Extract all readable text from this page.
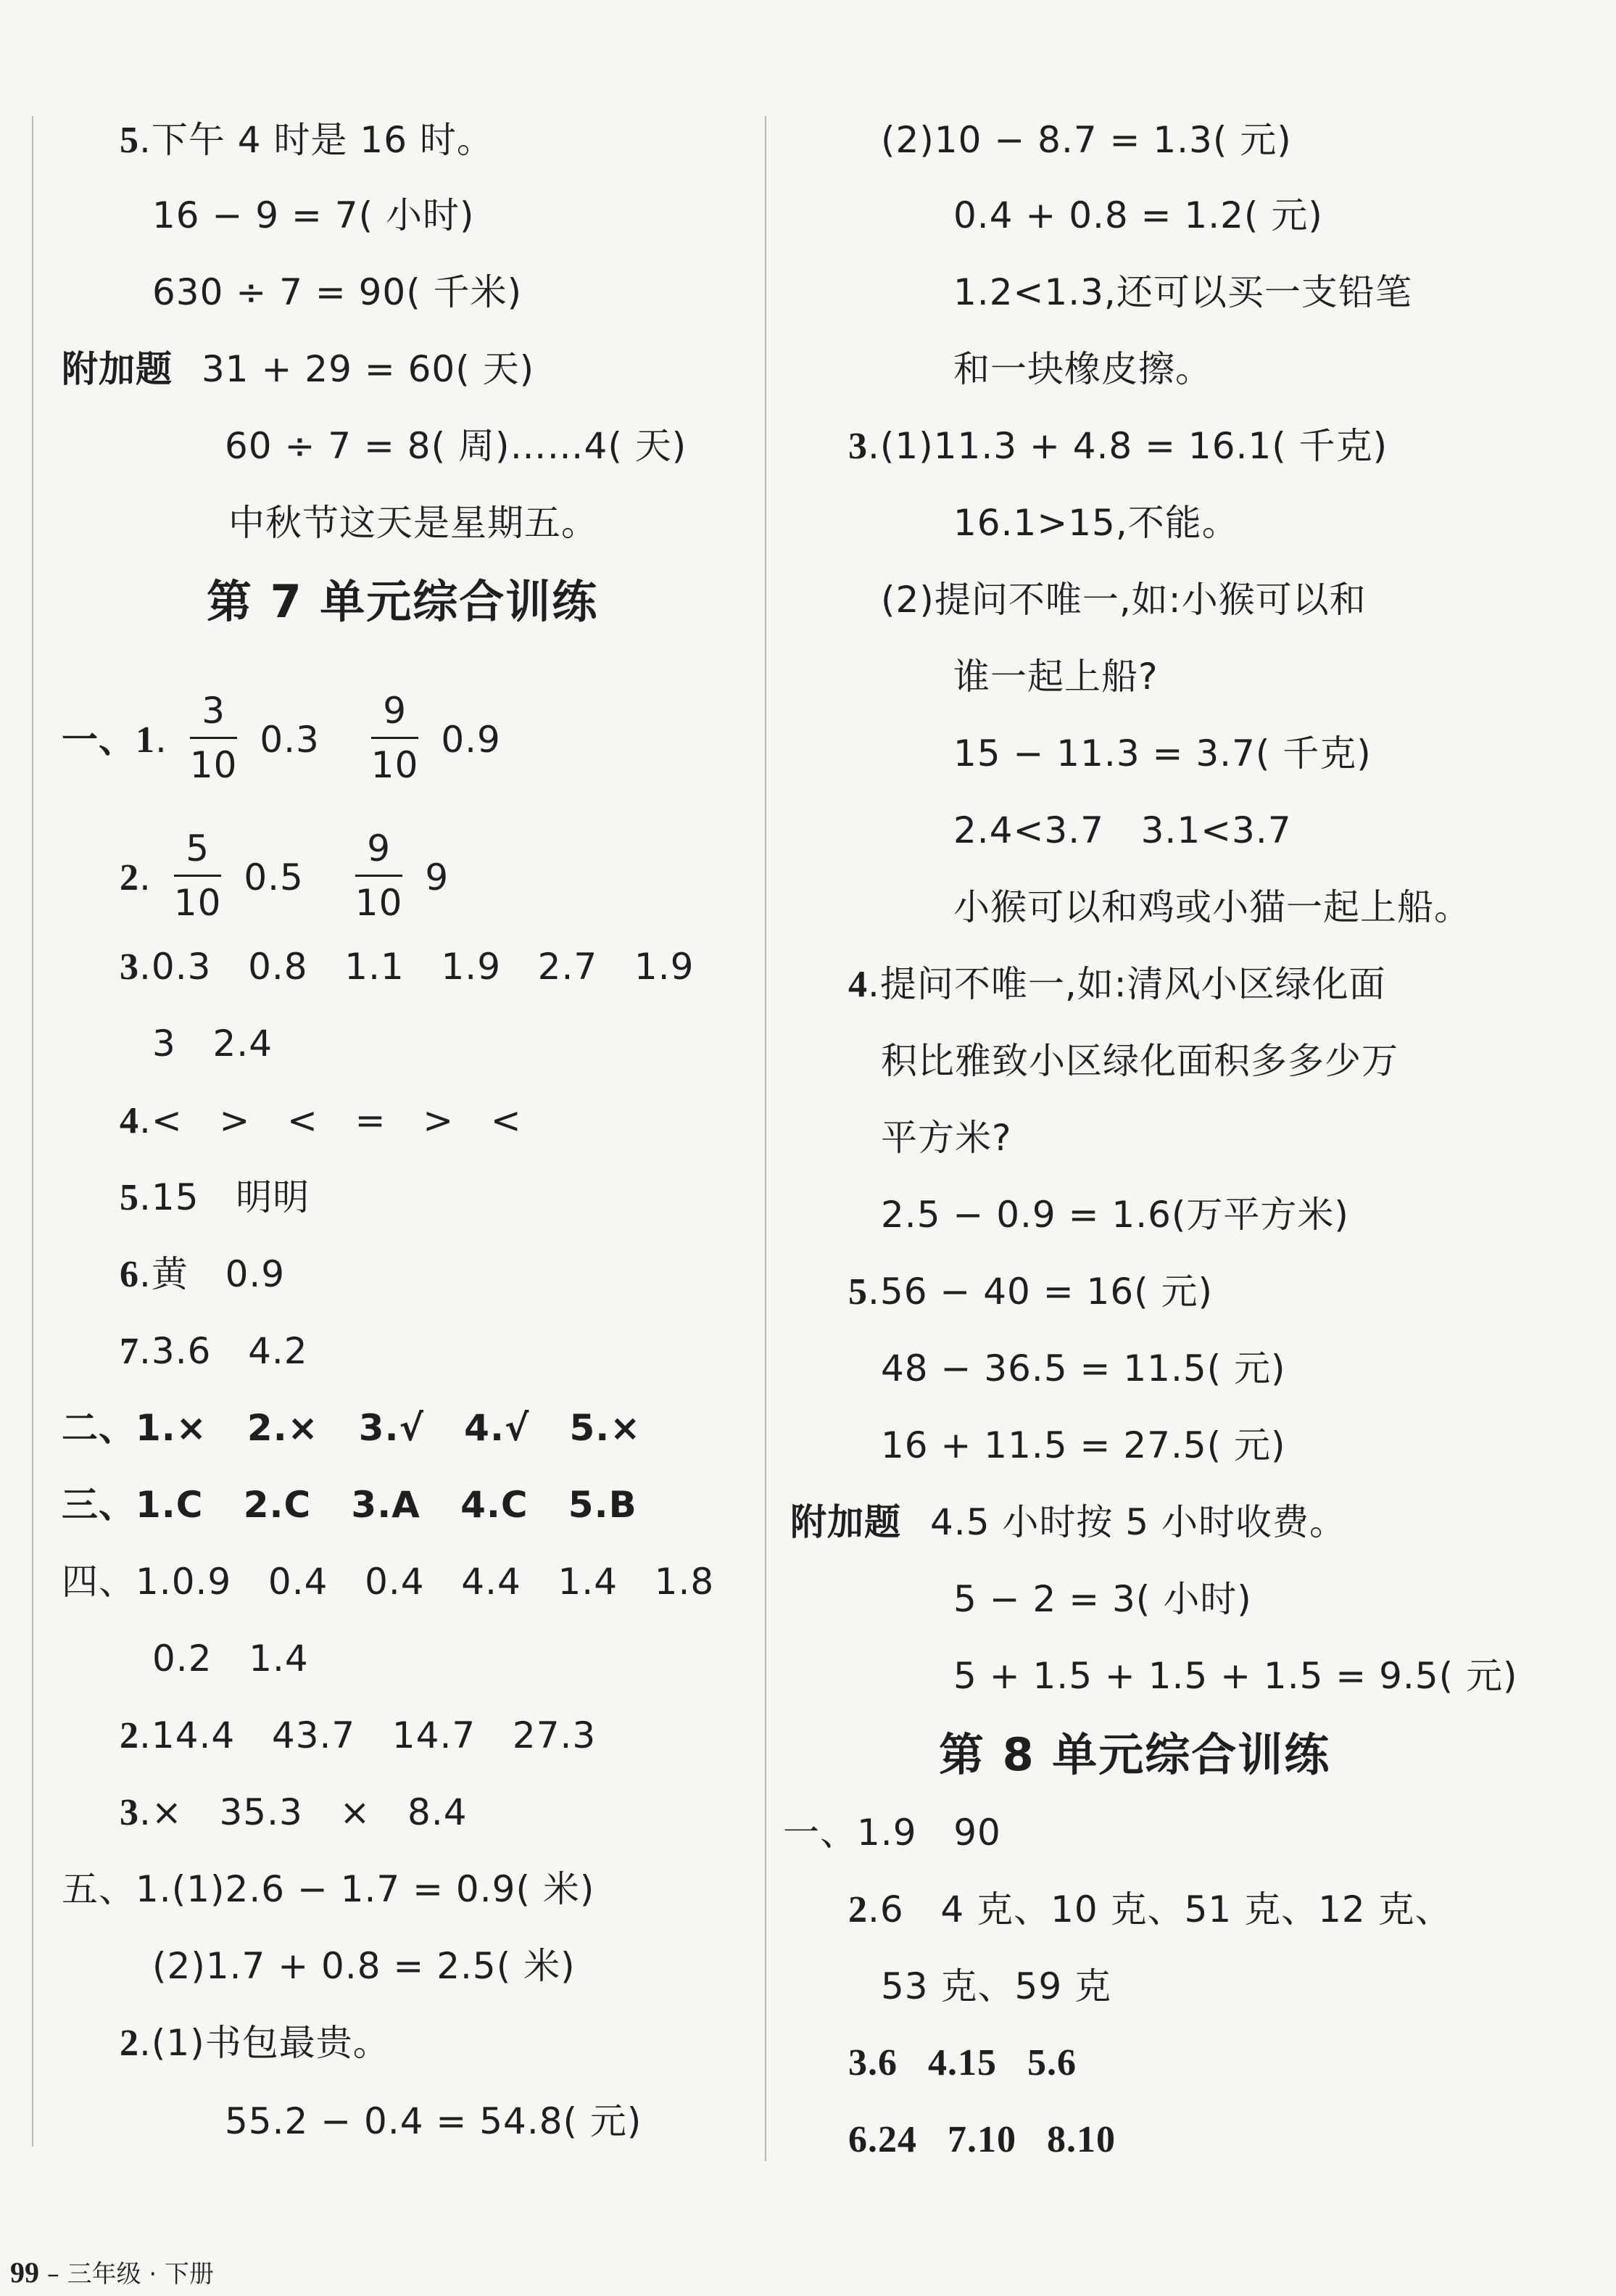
5.下午 4 时是 16 时。
16 − 9 = 7( 小时)
630 ÷ 7 = 90( 千米)
附加题 31 + 29 = 60( 天)
60 ÷ 7 = 8( 周)……4( 天)
中秋节这天是星期五。
第 7 单元综合训练
一、1. $\frac{3}{10} 0.3 \frac{9}{10} 0.9$
2. $\frac{5}{10} 0.5 \frac{9}{10} 9$
3.0.3   0.8   1.1   1.9   2.7   1.9
3   2.4
4.<   >   <   =   >   <
5.15   明明
6.黄   0.9
7.3.6   4.2
二、1.×   2.×   3.√   4.√   5.×
三、1.C   2.C   3.A   4.C   5.B
四、1.0.9   0.4   0.4   4.4   1.4   1.8
0.2   1.4
2.14.4   43.7   14.7   27.3
3.×   35.3   ×   8.4
五、1.(1)2.6 − 1.7 = 0.9( 米)
(2)1.7 + 0.8 = 2.5( 米)
2.(1)书包最贵。
55.2 − 0.4 = 54.8( 元)
(2)10 − 8.7 = 1.3( 元)
0.4 + 0.8 = 1.2( 元)
1.2<1.3,还可以买一支铅笔
和一块橡皮擦。
3.(1)11.3 + 4.8 = 16.1( 千克)
16.1>15,不能。
(2)提问不唯一,如:小猴可以和
谁一起上船?
15 − 11.3 = 3.7( 千克)
2.4<3.7   3.1<3.7
小猴可以和鸡或小猫一起上船。
4.提问不唯一,如:清风小区绿化面
积比雅致小区绿化面积多多少万
平方米?
2.5 − 0.9 = 1.6(万平方米)
5.56 − 40 = 16( 元)
48 − 36.5 = 11.5( 元)
16 + 11.5 = 27.5( 元)
附加题 4.5 小时按 5 小时收费。
5 − 2 = 3( 小时)
5 + 1.5 + 1.5 + 1.5 = 9.5( 元)
第 8 单元综合训练
一、1.9   90
2.6   4 克、10 克、51 克、12 克、
53 克、59 克
3.6   4.15   5.6
6.24   7.10   8.10
99 – 三年级 · 下册
